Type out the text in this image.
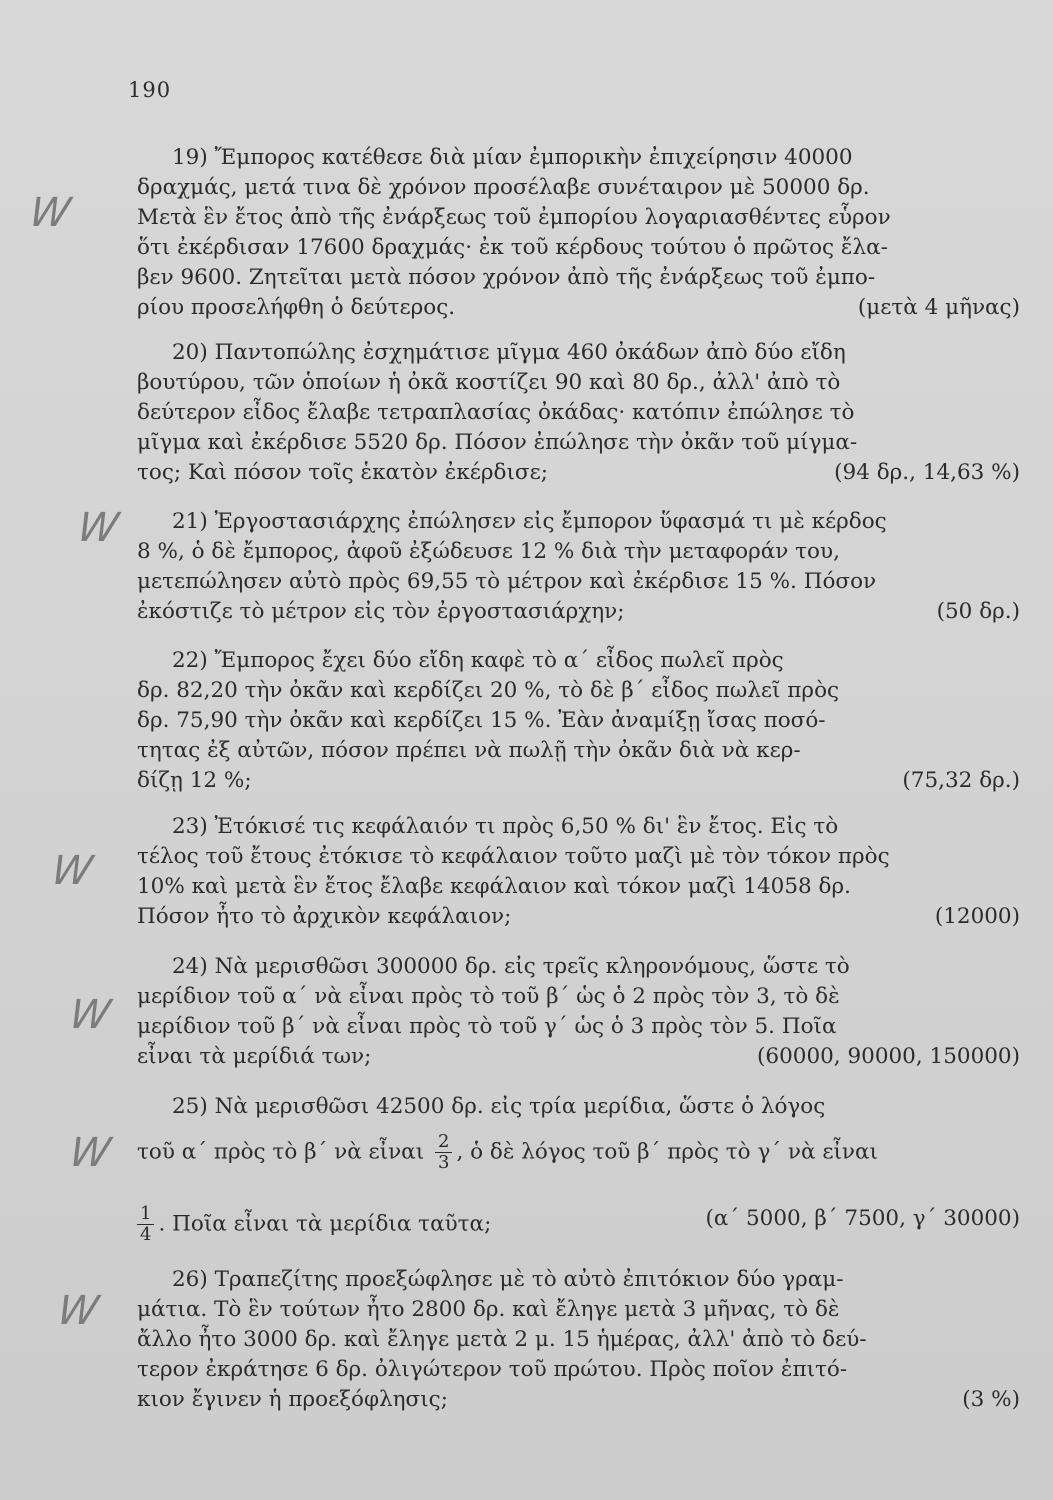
190
W
W
W
W
W
W
19) Ἔμπορος κατέθεσε διὰ μίαν ἐμπορικὴν ἐπιχείρησιν 40000
δραχμάς, μετά τινα δὲ χρόνον προσέλαβε συνέταιρον μὲ 50000 δρ.
Μετὰ ἓν ἔτος ἀπὸ τῆς ἐνάρξεως τοῦ ἐμπορίου λογαριασθέντες εὗρον
ὅτι ἐκέρδισαν 17600 δραχμάς· ἐκ τοῦ κέρδους τούτου ὁ πρῶτος ἔλα-
βεν 9600. Ζητεῖται μετὰ πόσον χρόνον ἀπὸ τῆς ἐνάρξεως τοῦ ἐμπο-
ρίου προσελήφθη ὁ δεύτερος.	(μετὰ 4 μῆνας)
20) Παντοπώλης ἐσχημάτισε μῖγμα 460 ὀκάδων ἀπὸ δύο εἴδη
βουτύρου, τῶν ὁποίων ἡ ὀκᾶ κοστίζει 90 καὶ 80 δρ., ἀλλ' ἀπὸ τὸ
δεύτερον εἶδος ἔλαβε τετραπλασίας ὀκάδας· κατόπιν ἐπώλησε τὸ
μῖγμα καὶ ἐκέρδισε 5520 δρ. Πόσον ἐπώλησε τὴν ὀκᾶν τοῦ μίγμα-
τος; Καὶ πόσον τοῖς ἑκατὸν ἐκέρδισε;	(94 δρ., 14,63 %)
21) Ἐργοστασιάρχης ἐπώλησεν εἰς ἔμπορον ὕφασμά τι μὲ κέρδος
8 %, ὁ δὲ ἔμπορος, ἀφοῦ ἐξώδευσε 12 % διὰ τὴν μεταφοράν του,
μετεπώλησεν αὐτὸ πρὸς 69,55 τὸ μέτρον καὶ ἐκέρδισε 15 %. Πόσον
ἐκόστιζε τὸ μέτρον εἰς τὸν ἐργοστασιάρχην;	(50 δρ.)
22) Ἔμπορος ἔχει δύο εἴδη καφὲ τὸ α΄ εἶδος πωλεῖ πρὸς
δρ. 82,20 τὴν ὀκᾶν καὶ κερδίζει 20 %, τὸ δὲ β΄ εἶδος πωλεῖ πρὸς
δρ. 75,90 τὴν ὀκᾶν καὶ κερδίζει 15 %. Ἐὰν ἀναμίξῃ ἴσας ποσό-
τητας ἐξ αὐτῶν, πόσον πρέπει νὰ πωλῇ τὴν ὀκᾶν διὰ νὰ κερ-
δίζῃ 12 %;	(75,32 δρ.)
23) Ἐτόκισέ τις κεφάλαιόν τι πρὸς 6,50 % δι' ἓν ἔτος. Εἰς τὸ
τέλος τοῦ ἔτους ἐτόκισε τὸ κεφάλαιον τοῦτο μαζὶ μὲ τὸν τόκον πρὸς
10% καὶ μετὰ ἓν ἔτος ἔλαβε κεφάλαιον καὶ τόκον μαζὶ 14058 δρ.
Πόσον ἦτο τὸ ἀρχικὸν κεφάλαιον;	(12000)
24) Νὰ μερισθῶσι 300000 δρ. εἰς τρεῖς κληρονόμους, ὥστε τὸ
μερίδιον τοῦ α΄ νὰ εἶναι πρὸς τὸ τοῦ β΄ ὡς ὁ 2 πρὸς τὸν 3, τὸ δὲ
μερίδιον τοῦ β΄ νὰ εἶναι πρὸς τὸ τοῦ γ΄ ὡς ὁ 3 πρὸς τὸν 5. Ποῖα
εἶναι τὰ μερίδιά των;	(60000, 90000, 150000)
25) Νὰ μερισθῶσι 42500 δρ. εἰς τρία μερίδια, ὥστε ὁ λόγος
26) Τραπεζίτης προεξώφλησε μὲ τὸ αὐτὸ ἐπιτόκιον δύο γραμ-
μάτια. Τὸ ἓν τούτων ἦτο 2800 δρ. καὶ ἔληγε μετὰ 3 μῆνας, τὸ δὲ
ἄλλο ἦτο 3000 δρ. καὶ ἔληγε μετὰ 2 μ. 15 ἡμέρας, ἀλλ' ἀπὸ τὸ δεύ-
τερον ἐκράτησε 6 δρ. ὀλιγώτερον τοῦ πρώτου. Πρὸς ποῖον ἐπιτό-
κιον ἔγινεν ἡ προεξόφλησις;	(3 %)
τοῦ α΄ πρὸς τὸ β΄ νὰ εἶναι $\frac{2}{3}$ , ὁ δὲ λόγος τοῦ β΄ πρὸς τὸ γ΄ νὰ εἶναι
$\frac{1}{4}$ . Ποῖα εἶναι τὰ μερίδια ταῦτα;	(α΄ 5000, β΄ 7500, γ΄ 30000)
